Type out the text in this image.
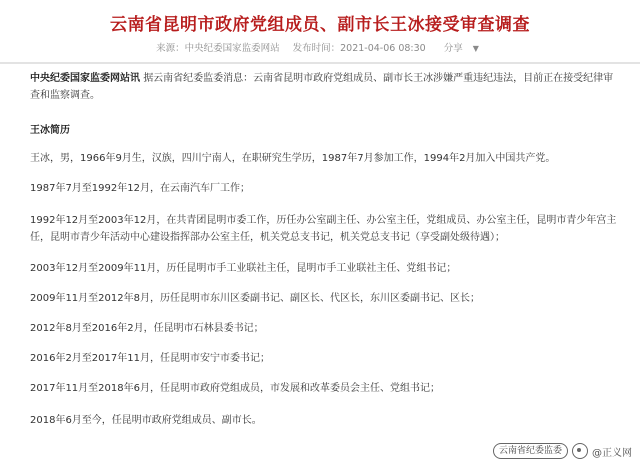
云南省昆明市政府党组成员、副市长王冰接受审查调查
来源：中央纪委国家监委网站 发布时间：2021-04-06 08:30 分享 ▼
中央纪委国家监委网站讯 据云南省纪委监委消息：云南省昆明市政府党组成员、副市长王冰涉嫌严重违纪违法，目前正在接受纪律审查和监察调查。
王冰简历
王冰，男，1966年9月生，汉族，四川宁南人，在职研究生学历，1987年7月参加工作，1994年2月加入中国共产党。
1987年7月至1992年12月，在云南汽车厂工作；
1992年12月至2003年12月，在共青团昆明市委工作，历任办公室副主任、办公室主任，党组成员、办公室主任，昆明市青少年宫主任，昆明市青少年活动中心建设指挥部办公室主任，机关党总支书记，机关党总支书记（享受副处级待遇）；
2003年12月至2009年11月，历任昆明市手工业联社主任，昆明市手工业联社主任、党组书记；
2009年11月至2012年8月，历任昆明市东川区委副书记、副区长、代区长，东川区委副书记、区长；
2012年8月至2016年2月，任昆明市石林县委书记；
2016年2月至2017年11月，任昆明市安宁市委书记；
2017年11月至2018年6月，任昆明市政府党组成员，市发展和改革委员会主任、党组书记；
2018年6月至今，任昆明市政府党组成员、副市长。
云南省纪委监委	@正义网
